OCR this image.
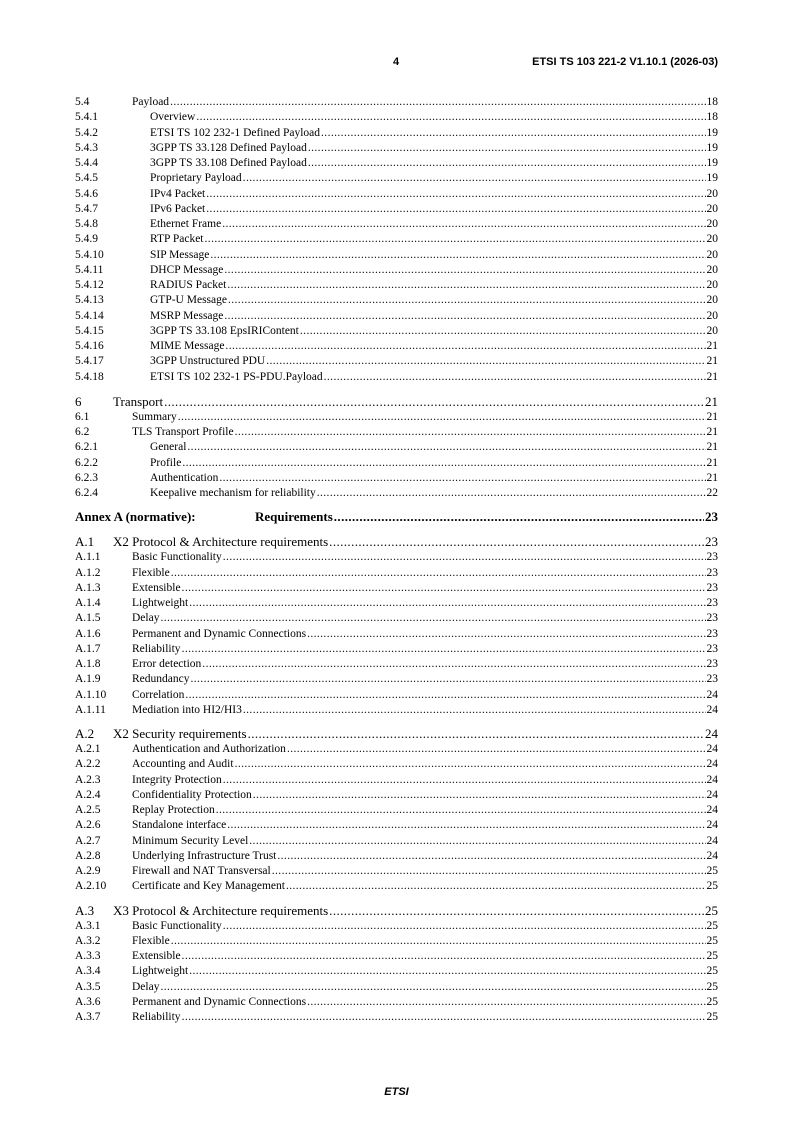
4	ETSI TS 103 221-2 V1.10.1 (2026-03)
5.4	Payload .....	18
5.4.1	Overview .....	18
5.4.2	ETSI TS 102 232-1 Defined Payload .....	19
5.4.3	3GPP TS 33.128 Defined Payload .....	19
5.4.4	3GPP TS 33.108 Defined Payload .....	19
5.4.5	Proprietary Payload .....	19
5.4.6	IPv4 Packet .....	20
5.4.7	IPv6 Packet .....	20
5.4.8	Ethernet Frame .....	20
5.4.9	RTP Packet .....	20
5.4.10	SIP Message .....	20
5.4.11	DHCP Message .....	20
5.4.12	RADIUS Packet .....	20
5.4.13	GTP-U Message .....	20
5.4.14	MSRP Message .....	20
5.4.15	3GPP TS 33.108 EpsIRIContent .....	20
5.4.16	MIME Message .....	21
5.4.17	3GPP Unstructured PDU .....	21
5.4.18	ETSI TS 102 232-1 PS-PDU.Payload .....	21
6	Transport .....	21
6.1	Summary .....	21
6.2	TLS Transport Profile .....	21
6.2.1	General .....	21
6.2.2	Profile .....	21
6.2.3	Authentication .....	21
6.2.4	Keepalive mechanism for reliability .....	22
Annex A (normative):	Requirements .....	23
A.1	X2 Protocol & Architecture requirements .....	23
A.1.1	Basic Functionality .....	23
A.1.2	Flexible .....	23
A.1.3	Extensible .....	23
A.1.4	Lightweight .....	23
A.1.5	Delay .....	23
A.1.6	Permanent and Dynamic Connections .....	23
A.1.7	Reliability .....	23
A.1.8	Error detection .....	23
A.1.9	Redundancy .....	23
A.1.10	Correlation .....	24
A.1.11	Mediation into HI2/HI3 .....	24
A.2	X2 Security requirements .....	24
A.2.1	Authentication and Authorization .....	24
A.2.2	Accounting and Audit .....	24
A.2.3	Integrity Protection .....	24
A.2.4	Confidentiality Protection .....	24
A.2.5	Replay Protection .....	24
A.2.6	Standalone interface .....	24
A.2.7	Minimum Security Level .....	24
A.2.8	Underlying Infrastructure Trust .....	24
A.2.9	Firewall and NAT Transversal .....	25
A.2.10	Certificate and Key Management .....	25
A.3	X3 Protocol & Architecture requirements .....	25
A.3.1	Basic Functionality .....	25
A.3.2	Flexible .....	25
A.3.3	Extensible .....	25
A.3.4	Lightweight .....	25
A.3.5	Delay .....	25
A.3.6	Permanent and Dynamic Connections .....	25
A.3.7	Reliability .....	25
ETSI
